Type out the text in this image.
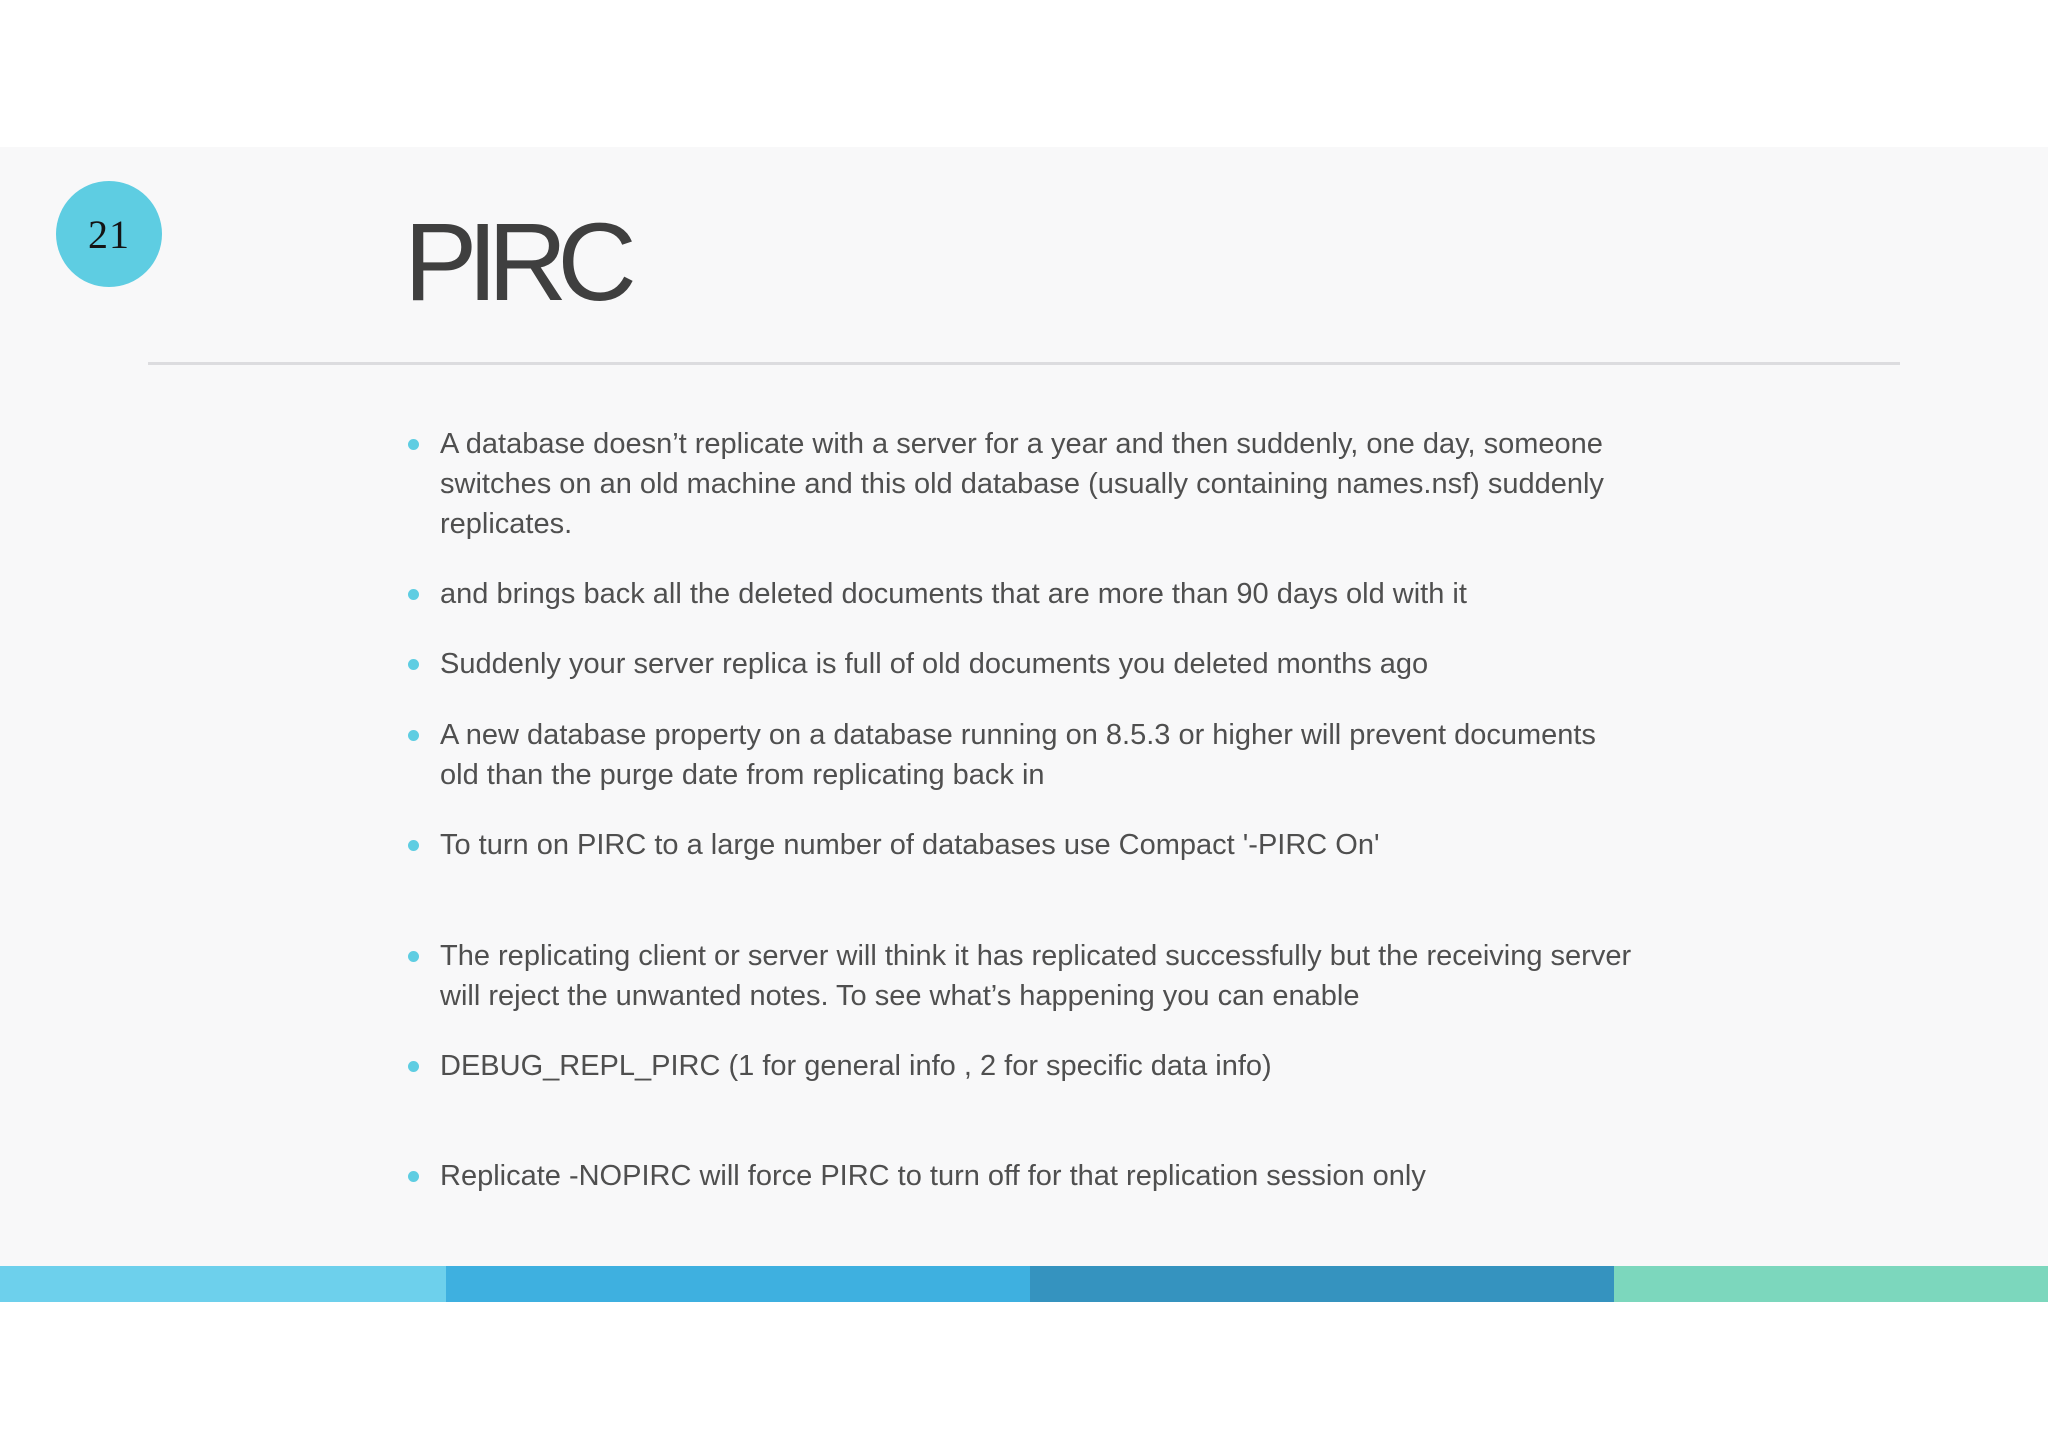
21 PIRC
A database doesn’t replicate with a server for a year and then suddenly, one day, someone switches on an old machine and this old database (usually containing names.nsf) suddenly replicates.
and brings back all the deleted documents that are more than 90 days old with it
Suddenly your server replica is full of old documents you deleted months ago
A new database property on a database running on 8.5.3 or higher will prevent documents old than the purge date from replicating back in
To turn on PIRC to a large number of databases use Compact '-PIRC On'
The replicating client or server will think it has replicated successfully but the receiving server will reject the unwanted notes. To see what’s happening you can enable
DEBUG_REPL_PIRC (1 for general info , 2 for specific data info)
Replicate -NOPIRC will force PIRC to turn off for that replication session only
